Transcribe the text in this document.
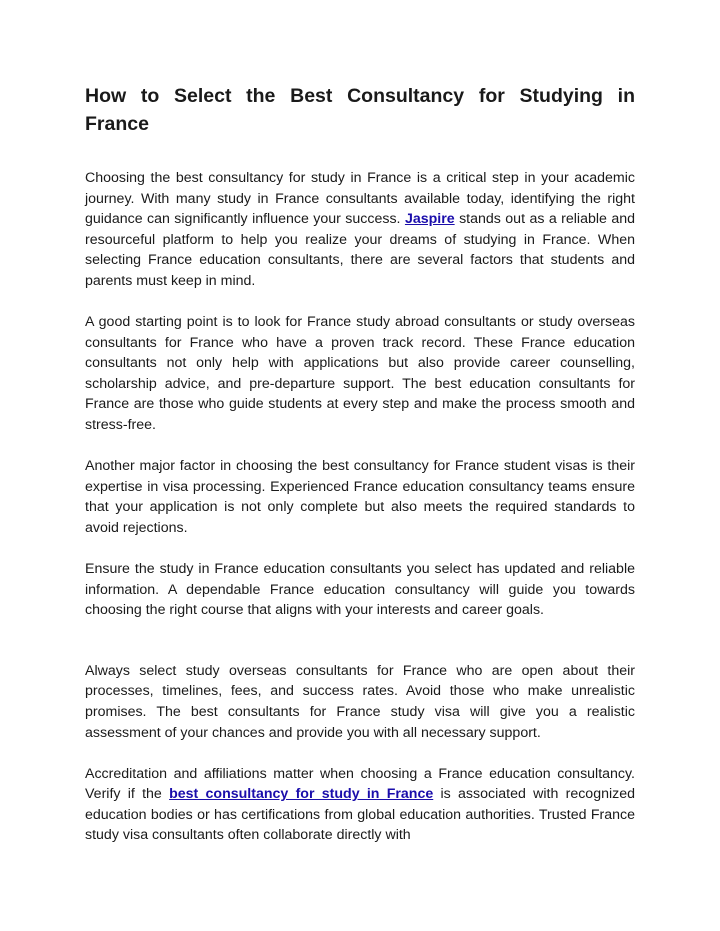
How to Select the Best Consultancy for Studying in France

Choosing the best consultancy for study in France is a critical step in your academic journey. With many study in France consultants available today, identifying the right guidance can significantly influence your success. Jaspire stands out as a reliable and resourceful platform to help you realize your dreams of studying in France. When selecting France education consultants, there are several factors that students and parents must keep in mind.

A good starting point is to look for France study abroad consultants or study overseas consultants for France who have a proven track record. These France education consultants not only help with applications but also provide career counselling, scholarship advice, and pre-departure support. The best education consultants for France are those who guide students at every step and make the process smooth and stress-free.

Another major factor in choosing the best consultancy for France student visas is their expertise in visa processing. Experienced France education consultancy teams ensure that your application is not only complete but also meets the required standards to avoid rejections.

Ensure the study in France education consultants you select has updated and reliable information. A dependable France education consultancy will guide you towards choosing the right course that aligns with your interests and career goals.

Always select study overseas consultants for France who are open about their processes, timelines, fees, and success rates. Avoid those who make unrealistic promises. The best consultants for France study visa will give you a realistic assessment of your chances and provide you with all necessary support.

Accreditation and affiliations matter when choosing a France education consultancy. Verify if the best consultancy for study in France is associated with recognized education bodies or has certifications from global education authorities. Trusted France study visa consultants often collaborate directly with
